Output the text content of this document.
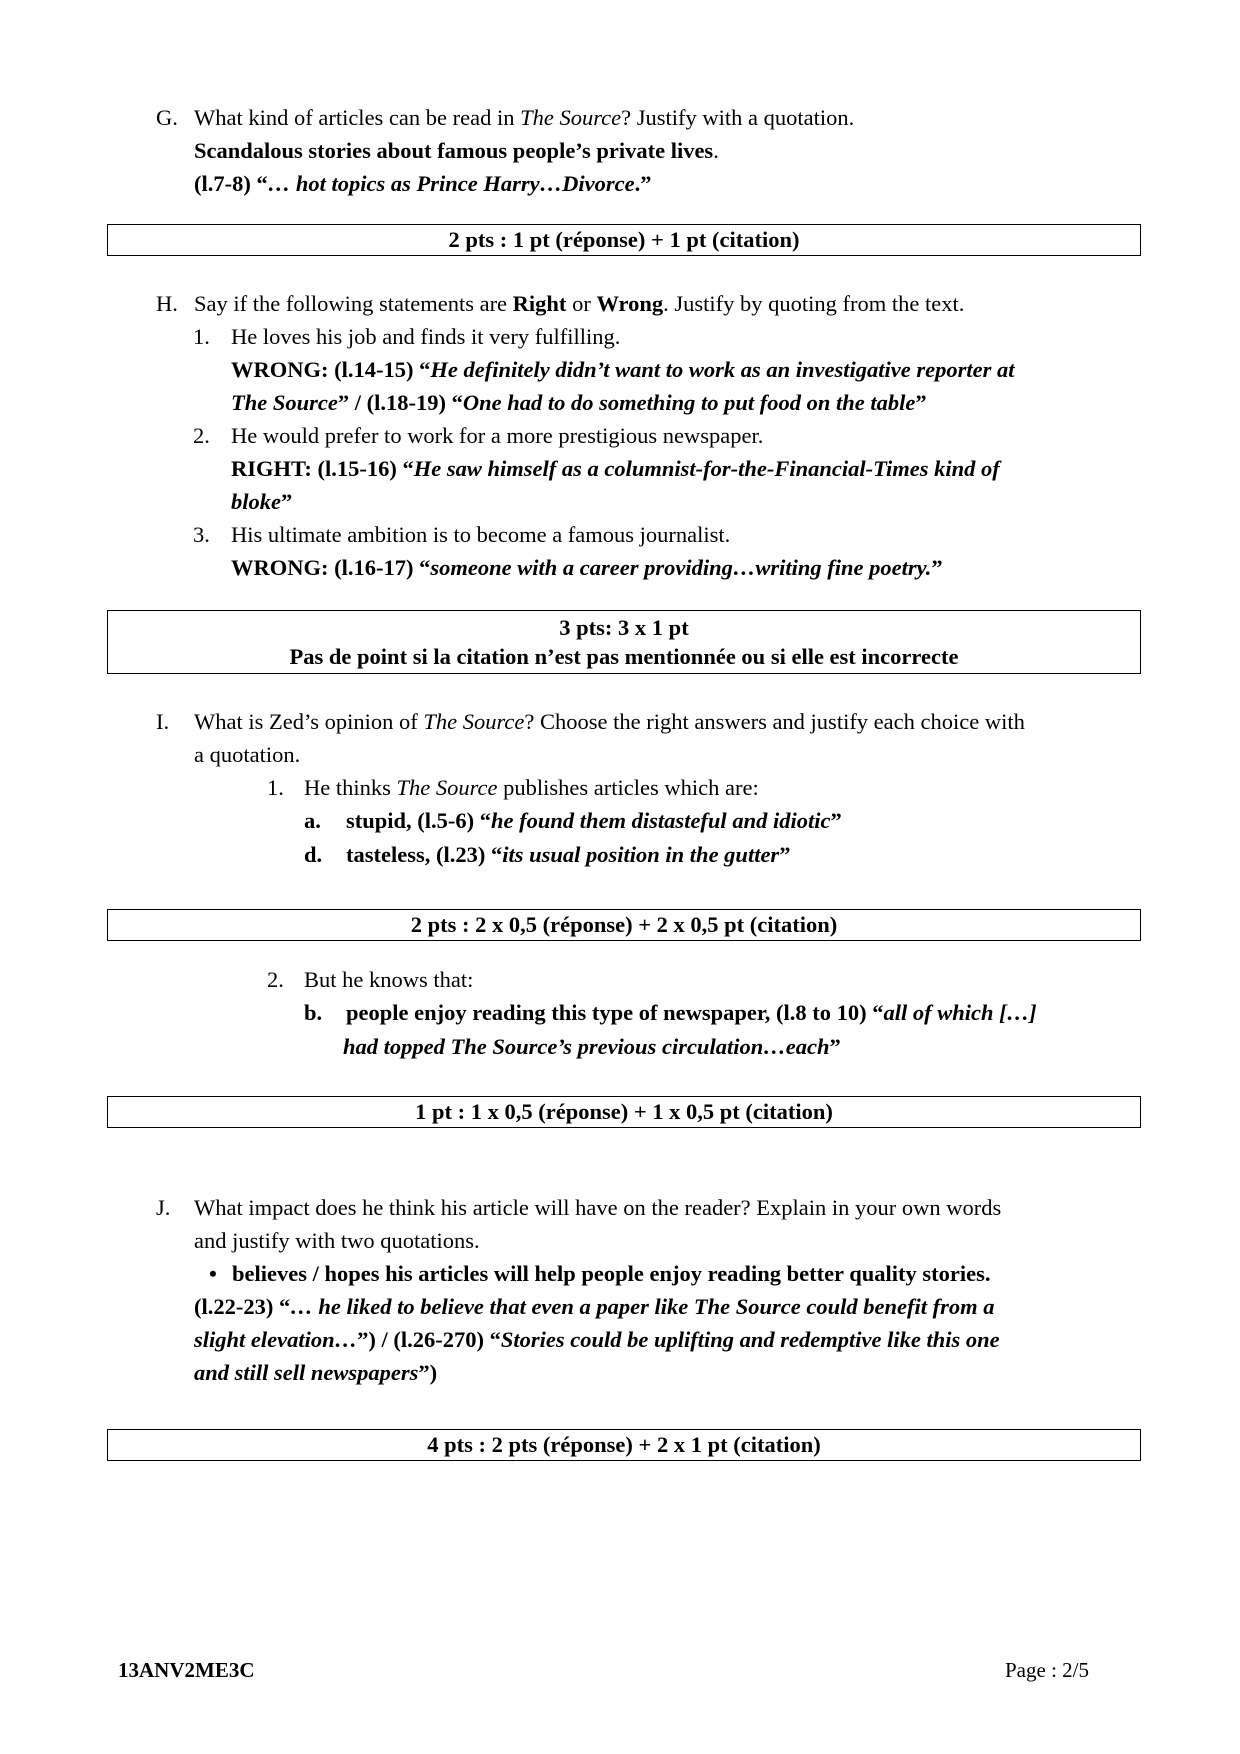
G. What kind of articles can be read in The Source? Justify with a quotation.
Scandalous stories about famous people’s private lives.
(l.7-8) “… hot topics as Prince Harry…Divorce.”
2 pts : 1 pt (réponse) + 1 pt (citation)
H. Say if the following statements are Right or Wrong. Justify by quoting from the text.
1. He loves his job and finds it very fulfilling.
WRONG: (l.14-15) “He definitely didn’t want to work as an investigative reporter at
The Source” / (l.18-19) “One had to do something to put food on the table”
2. He would prefer to work for a more prestigious newspaper.
RIGHT: (l.15-16) “He saw himself as a columnist-for-the-Financial-Times kind of
bloke”
3. His ultimate ambition is to become a famous journalist.
WRONG: (l.16-17) “someone with a career providing…writing fine poetry.”
3 pts: 3 x 1 pt
Pas de point si la citation n’est pas mentionnée ou si elle est incorrecte
I. What is Zed’s opinion of The Source? Choose the right answers and justify each choice with
a quotation.
1. He thinks The Source publishes articles which are:
a. stupid, (l.5-6) “he found them distasteful and idiotic”
d. tasteless, (l.23) “its usual position in the gutter”
2 pts : 2 x 0,5 (réponse) + 2 x 0,5 pt (citation)
2. But he knows that:
b. people enjoy reading this type of newspaper, (l.8 to 10) “all of which […]
had topped The Source’s previous circulation…each”
1 pt : 1 x 0,5 (réponse) + 1 x 0,5 pt (citation)
J. What impact does he think his article will have on the reader? Explain in your own words
and justify with two quotations.
• believes / hopes his articles will help people enjoy reading better quality stories.
(l.22-23) “… he liked to believe that even a paper like The Source could benefit from a
slight elevation…”) / (l.26-270) “Stories could be uplifting and redemptive like this one
and still sell newspapers”)
4 pts : 2 pts (réponse) + 2 x 1 pt (citation)
13ANV2ME3C	Page : 2/5
